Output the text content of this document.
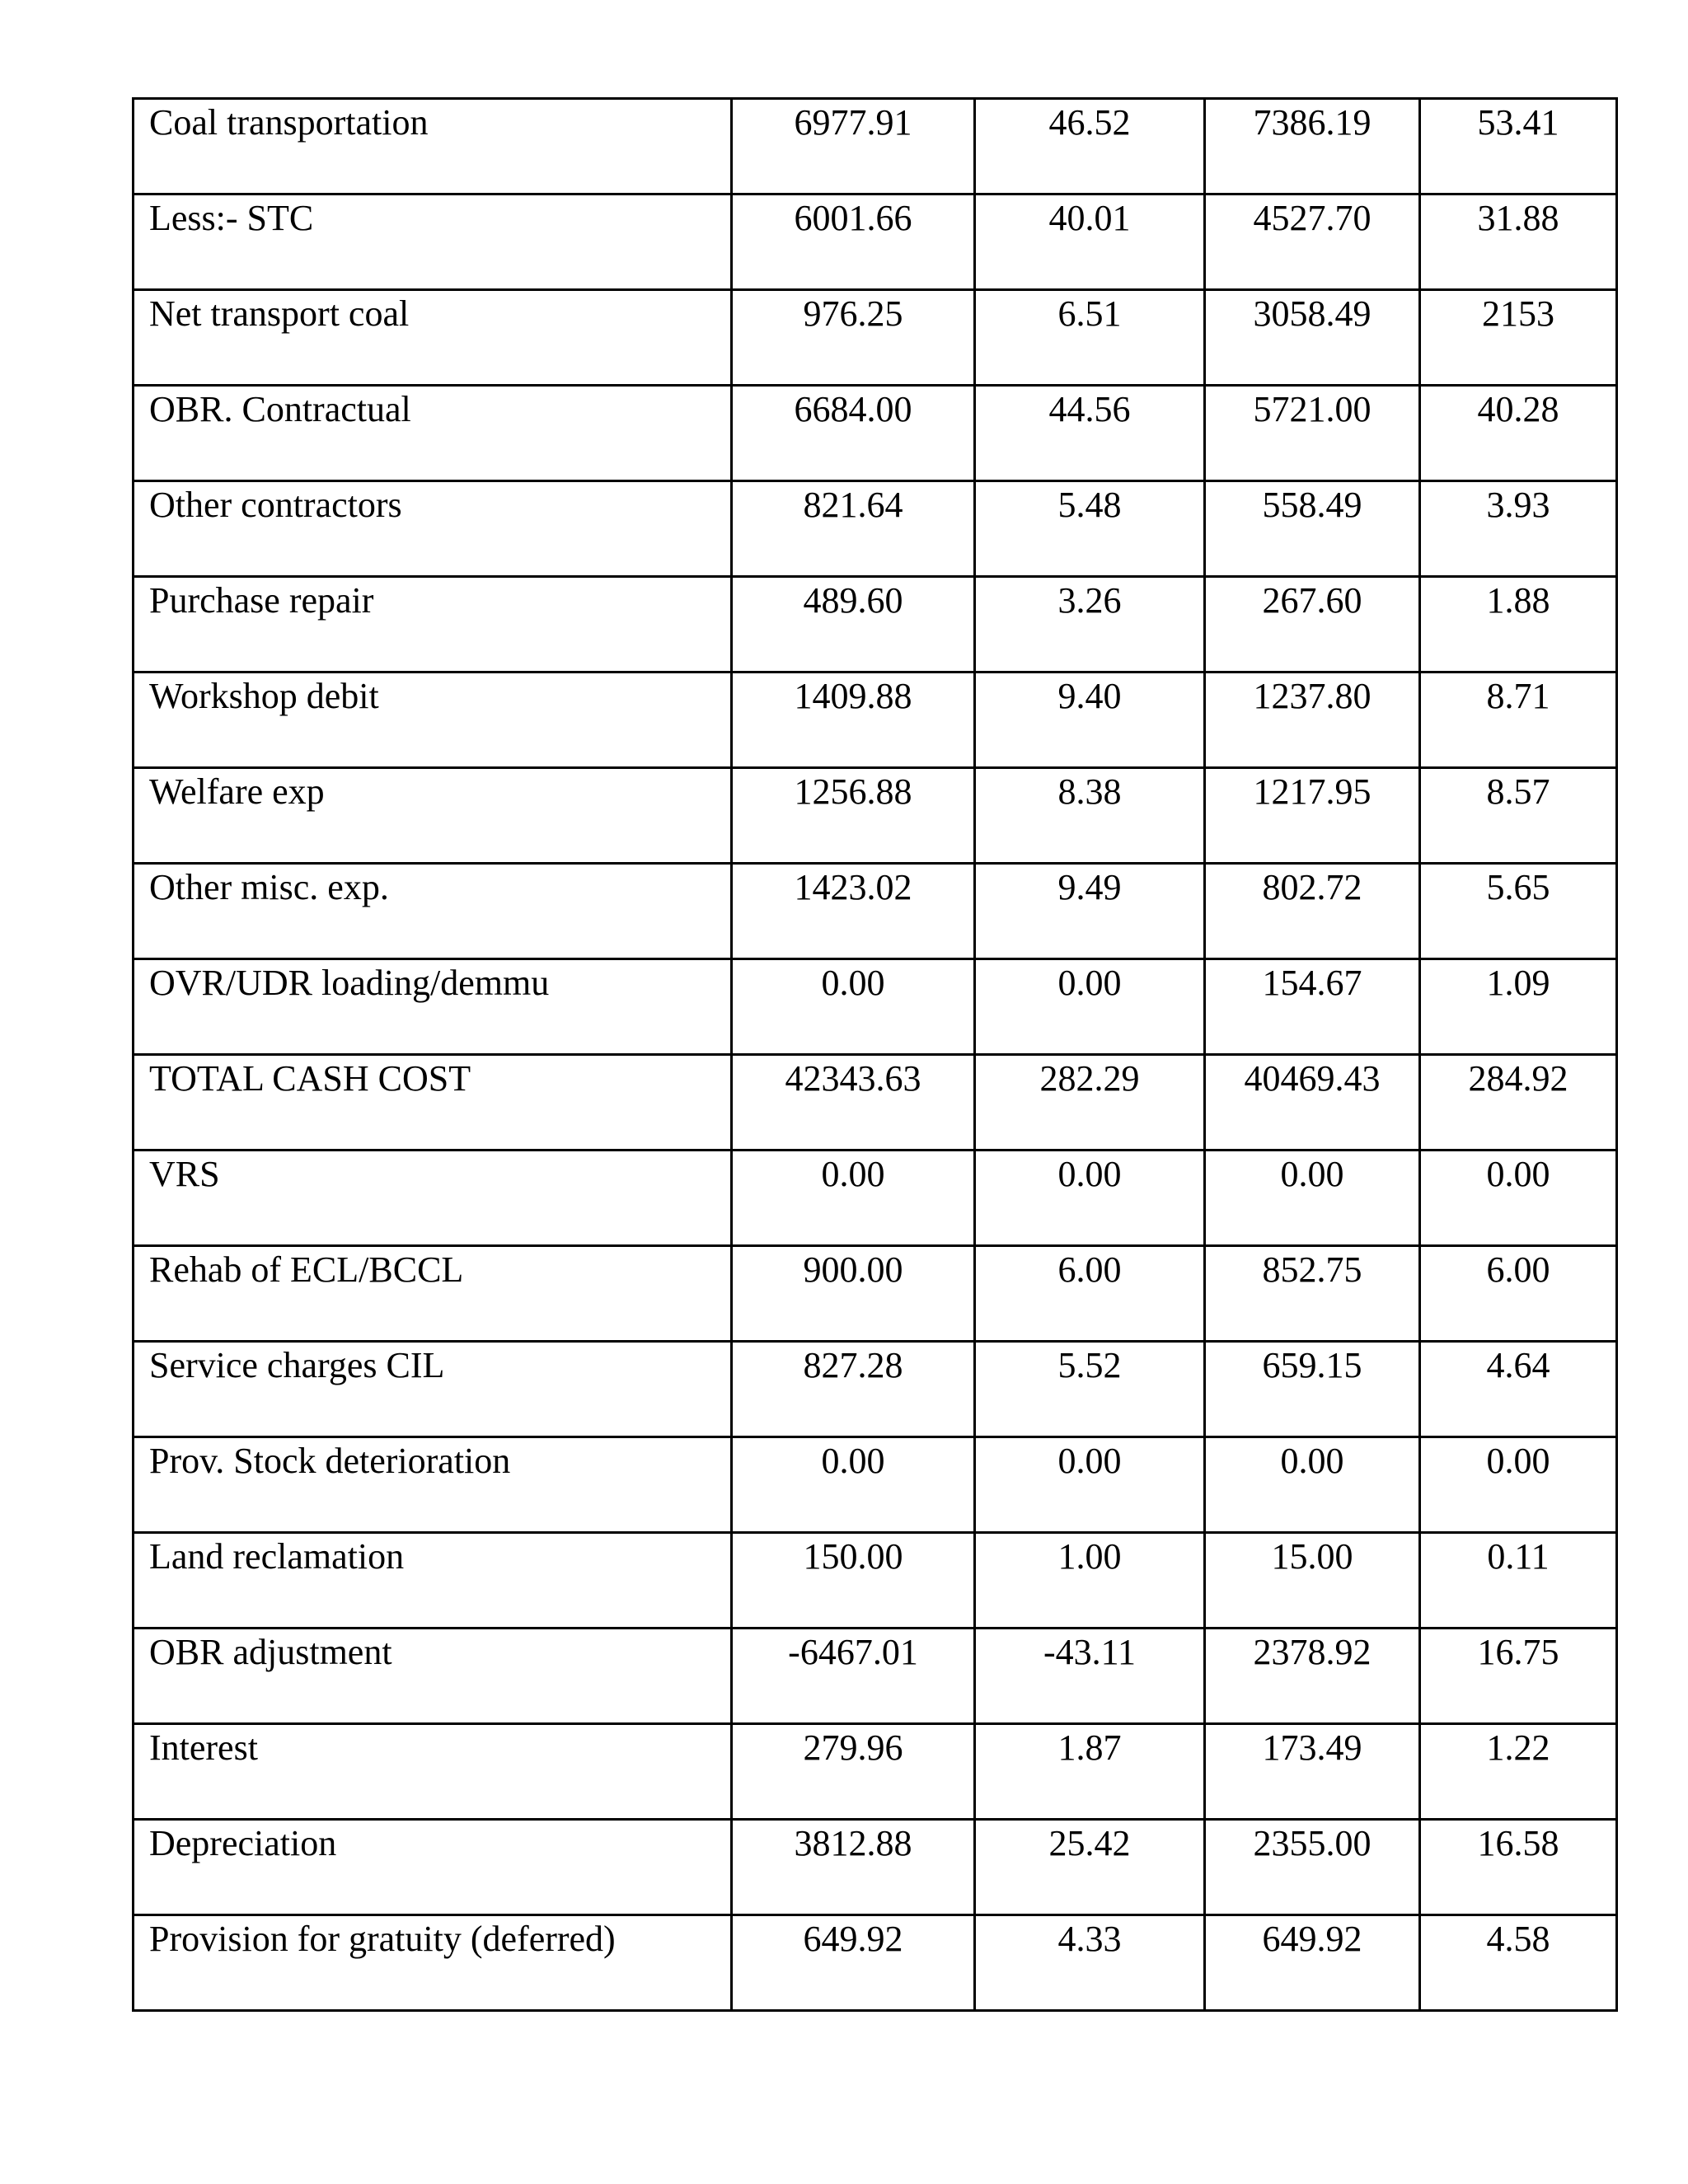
Coal transportation	6977.91	46.52	7386.19	53.41
Less:- STC	6001.66	40.01	4527.70	31.88
Net transport coal	976.25	6.51	3058.49	2153
OBR. Contractual	6684.00	44.56	5721.00	40.28
Other contractors	821.64	5.48	558.49	3.93
Purchase repair	489.60	3.26	267.60	1.88
Workshop debit	1409.88	9.40	1237.80	8.71
Welfare exp	1256.88	8.38	1217.95	8.57
Other misc. exp.	1423.02	9.49	802.72	5.65
OVR/UDR loading/demmu	0.00	0.00	154.67	1.09
TOTAL CASH COST	42343.63	282.29	40469.43	284.92
VRS	0.00	0.00	0.00	0.00
Rehab of ECL/BCCL	900.00	6.00	852.75	6.00
Service charges CIL	827.28	5.52	659.15	4.64
Prov. Stock deterioration	0.00	0.00	0.00	0.00
Land reclamation	150.00	1.00	15.00	0.11
OBR adjustment	-6467.01	-43.11	2378.92	16.75
Interest	279.96	1.87	173.49	1.22
Depreciation	3812.88	25.42	2355.00	16.58
Provision for gratuity (deferred)	649.92	4.33	649.92	4.58
